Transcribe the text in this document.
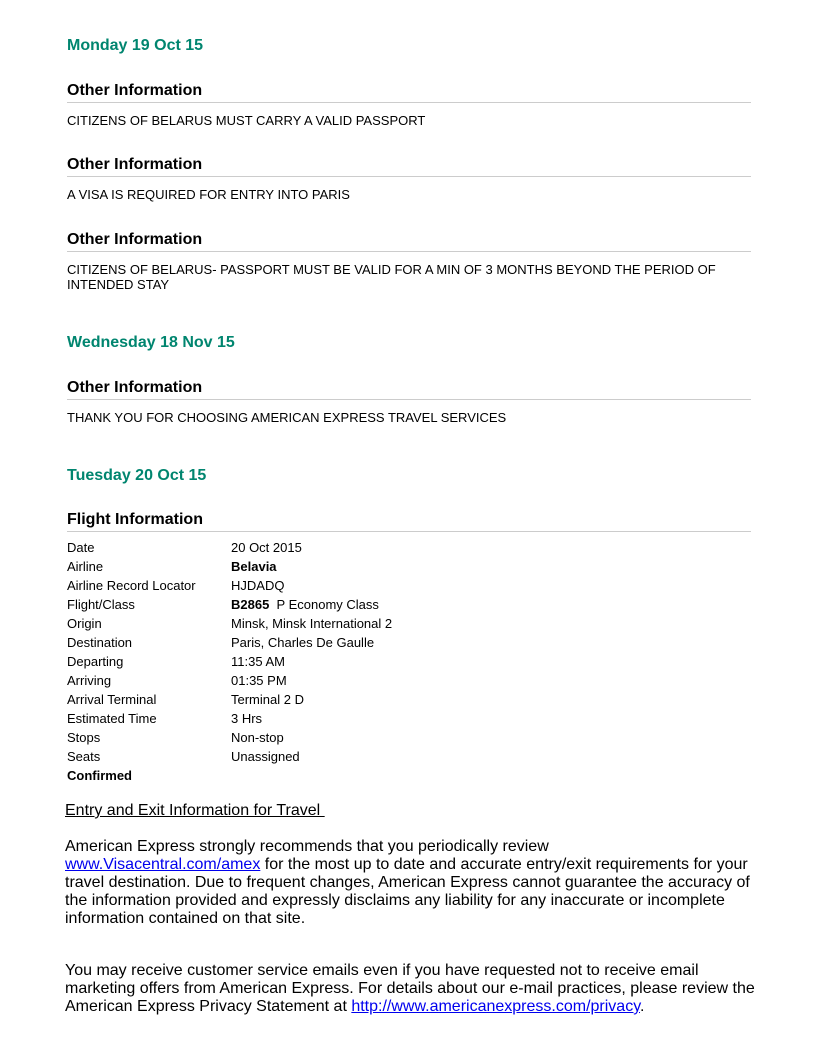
Monday 19 Oct 15
Other Information

CITIZENS OF BELARUS MUST CARRY A VALID PASSPORT

Other Information

A VISA IS REQUIRED FOR ENTRY INTO PARIS

Other Information

CITIZENS OF BELARUS- PASSPORT MUST BE VALID FOR A MIN OF 3 MONTHS BEYOND THE PERIOD OF INTENDED STAY

Wednesday 18 Nov 15
Other Information

THANK YOU FOR CHOOSING AMERICAN EXPRESS TRAVEL SERVICES

Tuesday 20 Oct 15
Flight Information
Date	20 Oct 2015
Airline	Belavia
Airline Record Locator	HJDADQ
Flight/Class	B2865 P Economy Class
Origin	Minsk, Minsk International 2
Destination	Paris, Charles De Gaulle
Departing	11:35 AM
Arriving	01:35 PM
Arrival Terminal	Terminal 2 D
Estimated Time	3 Hrs
Stops	Non-stop
Seats	Unassigned
Confirmed	
Entry and Exit Information for Travel

American Express strongly recommends that you periodically review
www.Visacentral.com/amex for the most up to date and accurate entry/exit requirements for your travel destination. Due to frequent changes, American Express cannot guarantee the accuracy of the information provided and expressly disclaims any liability for any inaccurate or incomplete information contained on that site.

You may receive customer service emails even if you have requested not to receive email marketing offers from American Express. For details about our e-mail practices, please review the American Express Privacy Statement at http://www.americanexpress.com/privacy.
